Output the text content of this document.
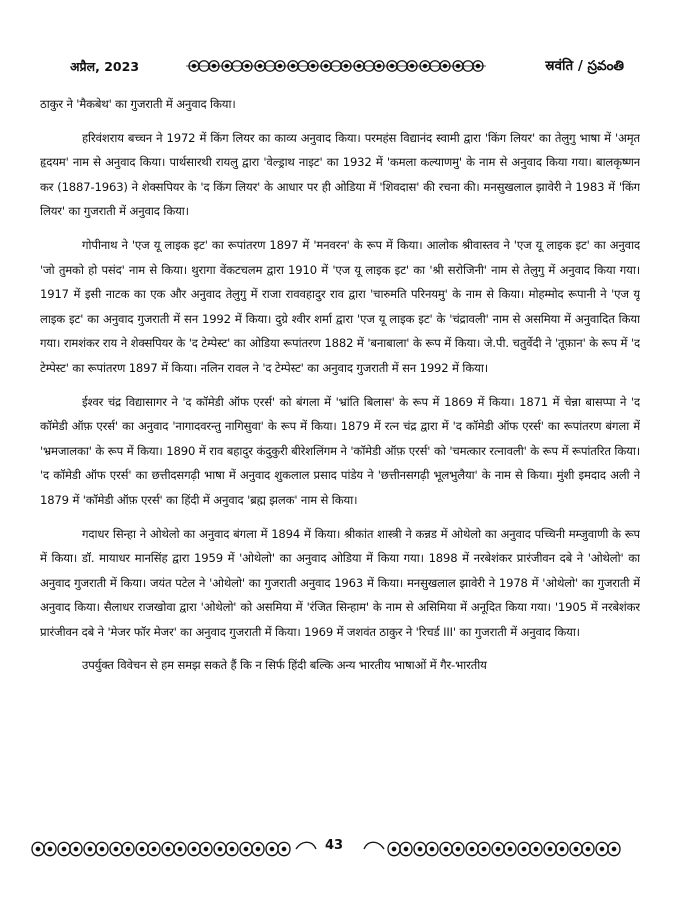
अप्रैल, 2023	स्रवंति / స్రవంతి

ठाकुर ने 'मैकबेथ' का गुजराती में अनुवाद किया।

हरिवंशराय बच्चन ने 1972 में किंग लियर का काव्य अनुवाद किया। परमहंस विद्यानंद स्वामी द्वारा 'किंग लियर' का तेलुगु भाषा में 'अमृत हृदयम' नाम से अनुवाद किया। पार्थसारथी रायलु द्वारा 'वेल्ड्राथ नाइट' का 1932 में 'कमला कल्याणमु' के नाम से अनुवाद किया गया। बालकृष्णन कर (1887-1963) ने शेक्सपियर के 'द किंग लियर' के आधार पर ही ओडिया में 'शिवदास' की रचना की। मनसुखलाल झावेरी ने 1983 में 'किंग लियर' का गुजराती में अनुवाद किया।

गोपीनाथ ने 'एज यू लाइक इट' का रूपांतरण 1897 में 'मनवरन' के रूप में किया। आलोक श्रीवास्तव ने 'एज यू लाइक इट' का अनुवाद 'जो तुमको हो पसंद' नाम से किया। थुरागा वेंकटचलम द्वारा 1910 में 'एज यू लाइक इट' का 'श्री सरोजिनी' नाम से तेलुगु में अनुवाद किया गया। 1917 में इसी नाटक का एक और अनुवाद तेलुगु में राजा राववहादुर राव द्वारा 'चारुमति परिनयमु' के नाम से किया। मोहम्मोद रूपानी ने 'एज यू लाइक इट' का अनुवाद गुजराती में सन 1992 में किया। दुग्रे श्वीर शर्मा द्वारा 'एज यू लाइक इट' के 'चंद्रावली' नाम से असमिया में अनुवादित किया गया। रामशंकर राय ने शेक्सपियर के 'द टेम्पेस्ट' का ओडिया रूपांतरण 1882 में 'बनाबाला' के रूप में किया। जे.पी. चतुर्वेदी ने 'तूफ़ान' के रूप में 'द टेम्पेस्ट' का रूपांतरण 1897 में किया। नलिन रावल ने 'द टेम्पेस्ट' का अनुवाद गुजराती में सन 1992 में किया।

ईश्वर चंद्र विद्यासागर ने 'द कॉमेडी ऑफ एरर्स' को बंगला में 'भ्रांति बिलास' के रूप में 1869 में किया। 1871 में चेन्ना बासप्पा ने 'द कॉमेडी ऑफ़ एरर्स' का अनुवाद 'नागादवरन्तु नागिसुवा' के रूप में किया। 1879 में रत्न चंद्र द्वारा में 'द कॉमेडी ऑफ एरर्स' का रूपांतरण बंगला में 'भ्रमजालका' के रूप में किया। 1890 में राव बहादुर कंदुकुरी बीरेशलिंगम ने 'कॉमेडी ऑफ़ एरर्स' को 'चमत्कार रत्नावली' के रूप में रूपांतरित किया। 'द कॉमेडी ऑफ एरर्स' का छत्तीदसगढ़ी भाषा में अनुवाद शुकलाल प्रसाद पांडेय ने 'छत्तीनसगढ़ी भूलभुलैया' के नाम से किया। मुंशी इमदाद अली ने 1879 में 'कॉमेडी ऑफ़ एरर्स' का हिंदी में अनुवाद 'ब्रह्म झलक' नाम से किया।

गदाधर सिन्हा ने ओथेलो का अनुवाद बंगला में 1894 में किया। श्रीकांत शास्त्री ने कन्नड में ओथेलो का अनुवाद पच्चिनी मम्जुवाणी के रूप में किया। डॉ. मायाधर मानसिंह द्वारा 1959 में 'ओथेलो' का अनुवाद ओडिया में किया गया। 1898 में नरबेशंकर प्रारंजीवन दबे ने 'ओथेलो' का अनुवाद गुजराती में किया। जयंत पटेल ने 'ओथेलो' का गुजराती अनुवाद 1963 में किया। मनसुखलाल झावेरी ने 1978 में 'ओथेलो' का गुजराती में अनुवाद किया। सैलाधर राजखोवा द्वारा 'ओथेलो' को असमिया में 'रंजित सिन्हाम' के नाम से असिमिया में अनूदित किया गया। '1905 में नरबेशंकर प्रारंजीवन दबे ने 'मेजर फॉर मेजर' का अनुवाद गुजराती में किया। 1969 में जशवंत ठाकुर ने 'रिचर्ड III' का गुजराती में अनुवाद किया।

उपर्युक्त विवेचन से हम समझ सकते हैं कि न सिर्फ हिंदी बल्कि अन्य भारतीय भाषाओं में गैर-भारतीय

43
